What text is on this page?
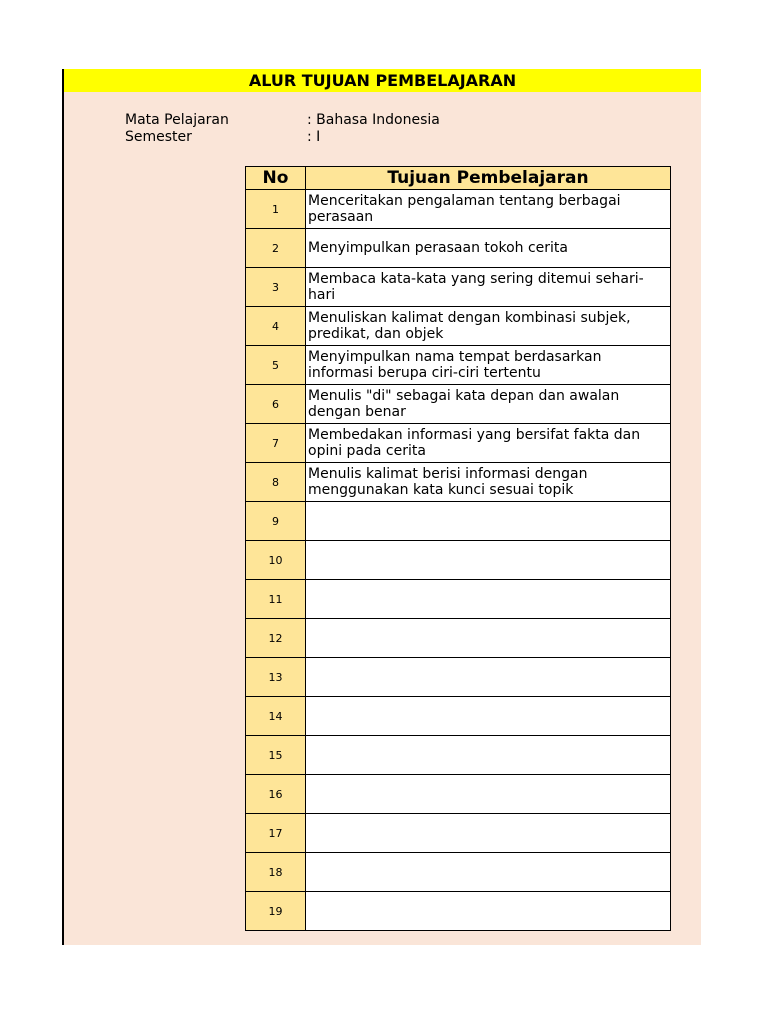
ALUR TUJUAN PEMBELAJARAN
Mata Pelajaran	: Bahasa Indonesia
Semester	: I
No	Tujuan Pembelajaran
1	Menceritakan pengalaman tentang berbagai perasaan
2	Menyimpulkan perasaan tokoh cerita
3	Membaca kata-kata yang sering ditemui sehari-hari
4	Menuliskan kalimat dengan kombinasi subjek, predikat, dan objek
5	Menyimpulkan nama tempat berdasarkan informasi berupa ciri-ciri tertentu
6	Menulis "di" sebagai kata depan dan awalan dengan benar
7	Membedakan informasi yang bersifat fakta dan opini pada cerita
8	Menulis kalimat berisi informasi dengan menggunakan kata kunci sesuai topik
9	
10	
11	
12	
13	
14	
15	
16	
17	
18	
19	
